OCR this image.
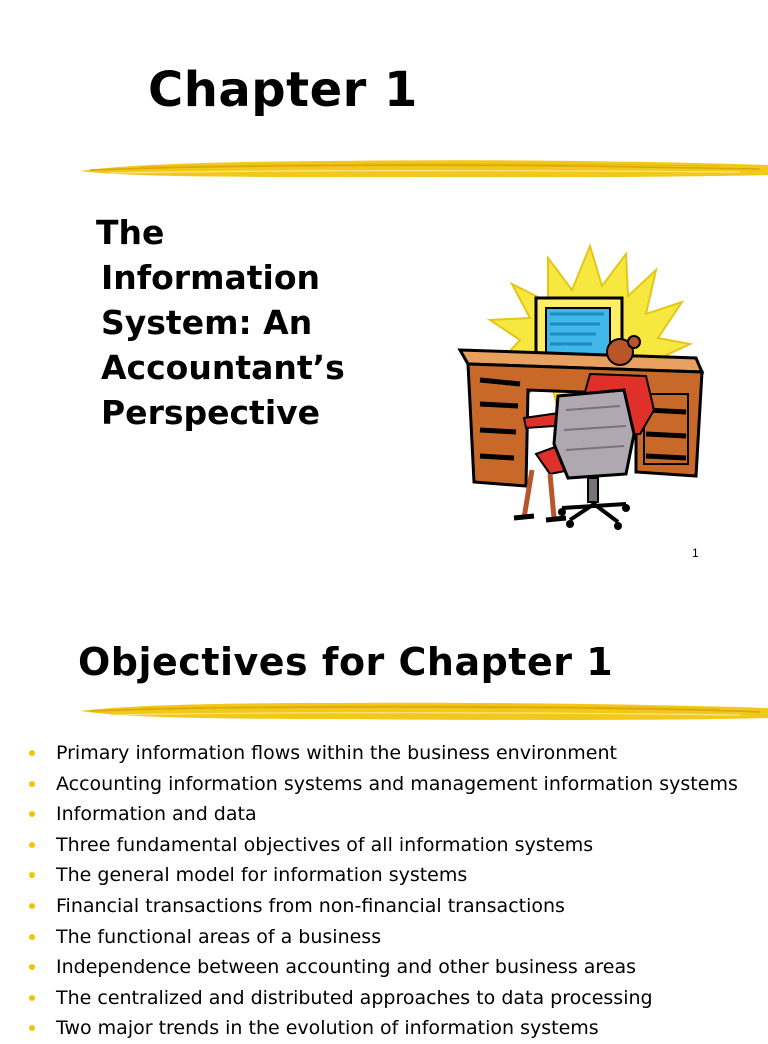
Chapter 1
The
Information
System: An
Accountant’s
Perspective
1
Objectives for Chapter 1
Primary information flows within the business environment
Accounting information systems and management information systems
Information and data
Three fundamental objectives of all information systems
The general model for information systems
Financial transactions from non-financial transactions
The functional areas of a business
Independence between accounting and other business areas
The centralized and distributed approaches to data processing
Two major trends in the evolution of information systems
